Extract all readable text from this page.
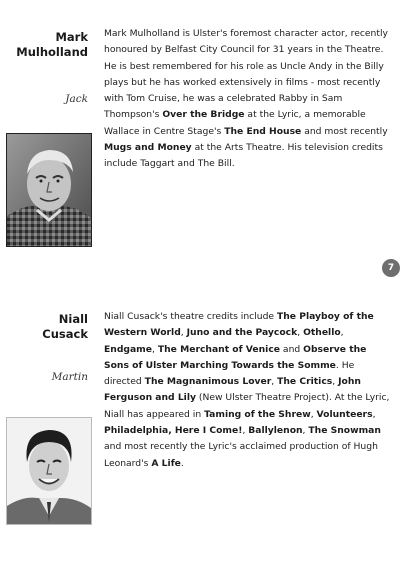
Mark
Mulholland
Jack
Mark Mulholland is Ulster's foremost character actor, recently honoured by Belfast City Council for 31 years in the Theatre. He is best remembered for his role as Uncle Andy in the Billy plays but he has worked extensively in films - most recently with Tom Cruise, he was a celebrated Rabby in Sam Thompson's Over the Bridge at the Lyric, a memorable Wallace in Centre Stage's The End House and most recently Mugs and Money at the Arts Theatre. His television credits include Taggart and The Bill.
7
Niall
Cusack
Martin
Niall Cusack's theatre credits include The Playboy of the Western World, Juno and the Paycock, Othello, Endgame, The Merchant of Venice and Observe the Sons of Ulster Marching Towards the Somme. He directed The Magnanimous Lover, The Critics, John Ferguson and Lily (New Ulster Theatre Project). At the Lyric, Niall has appeared in Taming of the Shrew, Volunteers, Philadelphia, Here I Come!, Ballylenon, The Snowman and most recently the Lyric's acclaimed production of Hugh Leonard's A Life.
